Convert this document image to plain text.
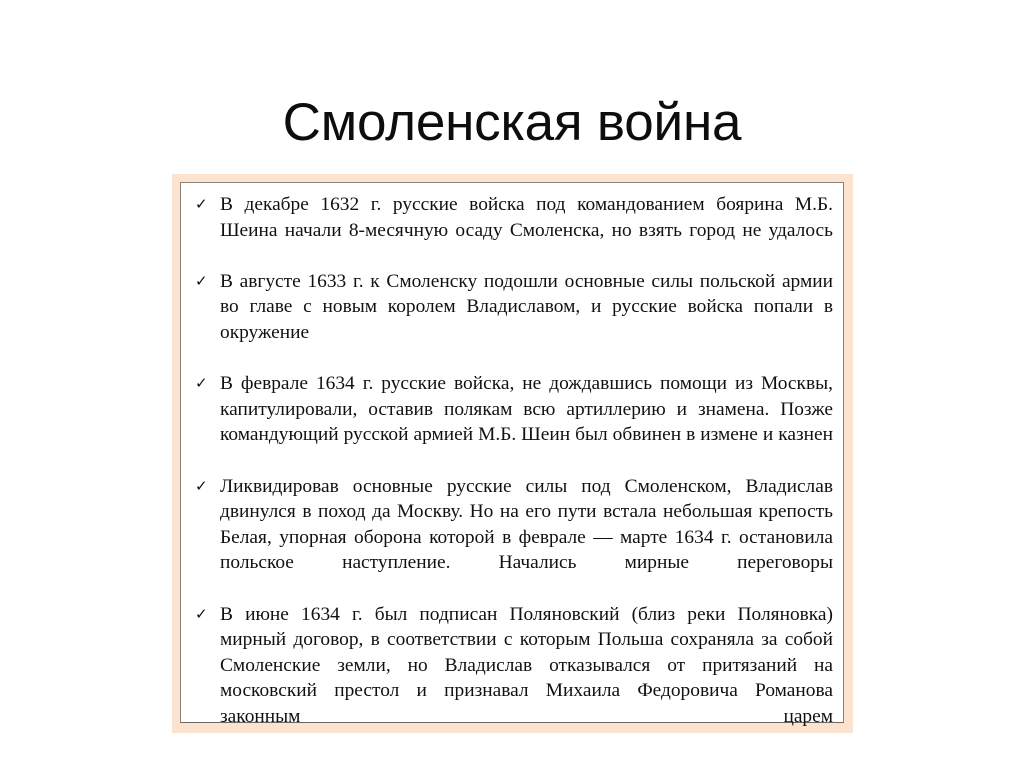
Смоленская война
✓ В декабре 1632 г. русские войска под командованием боярина М.Б. Шеина начали 8-месячную осаду Смоленска, но взять город не удалось
✓ В августе 1633 г. к Смоленску подошли основные силы польской армии во главе с новым королем Владиславом, и русские войска попали в окружение
✓ В феврале 1634 г. русские войска, не дождавшись помощи из Москвы, капитулировали, оставив полякам всю артиллерию и знамена. Позже командующий русской армией М.Б. Шеин был обвинен в измене и казнен
✓ Ликвидировав основные русские силы под Смоленском, Владислав двинулся в поход да Москву. Но на его пути встала небольшая крепость Белая, упорная оборона которой в феврале — марте 1634 г. остановила польское наступление. Начались мирные переговоры
✓ В июне 1634 г. был подписан Поляновский (близ реки Поляновка) мирный договор, в соответствии с которым Польша сохраняла за собой Смоленские земли, но Владислав отказывался от притязаний на московский престол и признавал Михаила Федоровича Романова законным царем
